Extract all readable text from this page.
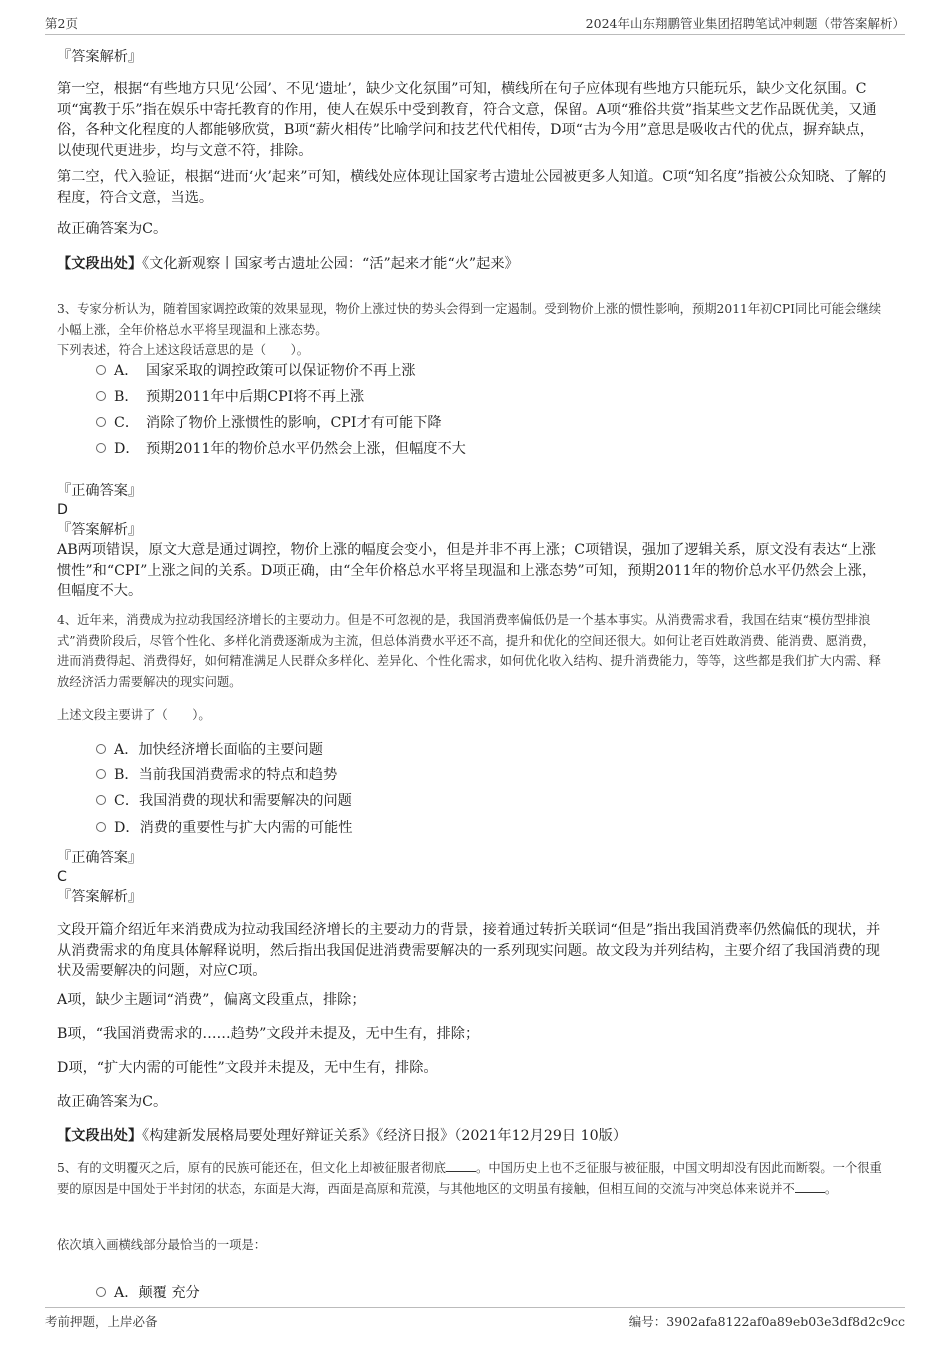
第2页	2024年山东翔鹏管业集团招聘笔试冲刺题（带答案解析）

『答案解析』

第一空，根据“有些地方只见‘公园’、不见‘遗址’，缺少文化氛围”可知，横线所在句子应体现有些地方只能玩乐，缺少文化氛围。C项“寓教于乐”指在娱乐中寄托教育的作用，使人在娱乐中受到教育，符合文意，保留。A项“雅俗共赏”指某些文艺作品既优美，又通俗，各种文化程度的人都能够欣赏，B项“薪火相传”比喻学问和技艺代代相传，D项“古为今用”意思是吸收古代的优点，摒弃缺点，以使现代更进步，均与文意不符，排除。

第二空，代入验证，根据“进而‘火’起来”可知，横线处应体现让国家考古遗址公园被更多人知道。C项“知名度”指被公众知晓、了解的程度，符合文意，当选。

故正确答案为C。

【文段出处】《文化新观察丨国家考古遗址公园：“活”起来才能“火”起来》

3、专家分析认为，随着国家调控政策的效果显现，物价上涨过快的势头会得到一定遏制。受到物价上涨的惯性影响，预期2011年初CPI同比可能会继续小幅上涨，全年价格总水平将呈现温和上涨态势。

下列表述，符合上述这段话意思的是（　　）。

A． 国家采取的调控政策可以保证物价不再上涨
B． 预期2011年中后期CPI将不再上涨
C． 消除了物价上涨惯性的影响，CPI才有可能下降
D． 预期2011年的物价总水平仍然会上涨，但幅度不大

『正确答案』

D

『答案解析』

AB两项错误，原文大意是通过调控，物价上涨的幅度会变小，但是并非不再上涨；C项错误，强加了逻辑关系，原文没有表达“上涨惯性”和“CPI”上涨之间的关系。D项正确，由“全年价格总水平将呈现温和上涨态势”可知，预期2011年的物价总水平仍然会上涨，但幅度不大。

4、近年来，消费成为拉动我国经济增长的主要动力。但是不可忽视的是，我国消费率偏低仍是一个基本事实。从消费需求看，我国在结束“模仿型排浪式”消费阶段后，尽管个性化、多样化消费逐渐成为主流，但总体消费水平还不高，提升和优化的空间还很大。如何让老百姓敢消费、能消费、愿消费，进而消费得起、消费得好，如何精准满足人民群众多样化、差异化、个性化需求，如何优化收入结构、提升消费能力，等等，这些都是我们扩大内需、释放经济活力需要解决的现实问题。

上述文段主要讲了（　　）。

A．加快经济增长面临的主要问题
B．当前我国消费需求的特点和趋势
C．我国消费的现状和需要解决的问题
D．消费的重要性与扩大内需的可能性

『正确答案』

C

『答案解析』

文段开篇介绍近年来消费成为拉动我国经济增长的主要动力的背景，接着通过转折关联词“但是”指出我国消费率仍然偏低的现状，并从消费需求的角度具体解释说明，然后指出我国促进消费需要解决的一系列现实问题。故文段为并列结构，主要介绍了我国消费的现状及需要解决的问题，对应C项。

A项，缺少主题词“消费”，偏离文段重点，排除；

B项，“我国消费需求的……趋势”文段并未提及，无中生有，排除；

D项，“扩大内需的可能性”文段并未提及，无中生有，排除。

故正确答案为C。

【文段出处】《构建新发展格局要处理好辩证关系》《经济日报》（2021年12月29日 10版）

5、有的文明覆灭之后，原有的民族可能还在，但文化上却被征服者彻底 。中国历史上也不乏征服与被征服，中国文明却没有因此而断裂。一个很重要的原因是中国处于半封闭的状态，东面是大海，西面是高原和荒漠，与其他地区的文明虽有接触，但相互间的交流与冲突总体来说并不 。

依次填入画横线部分最恰当的一项是：

A．颠覆 充分
考前押题，上岸必备	编号：3902afa8122af0a89eb03e3df8d2c9cc
